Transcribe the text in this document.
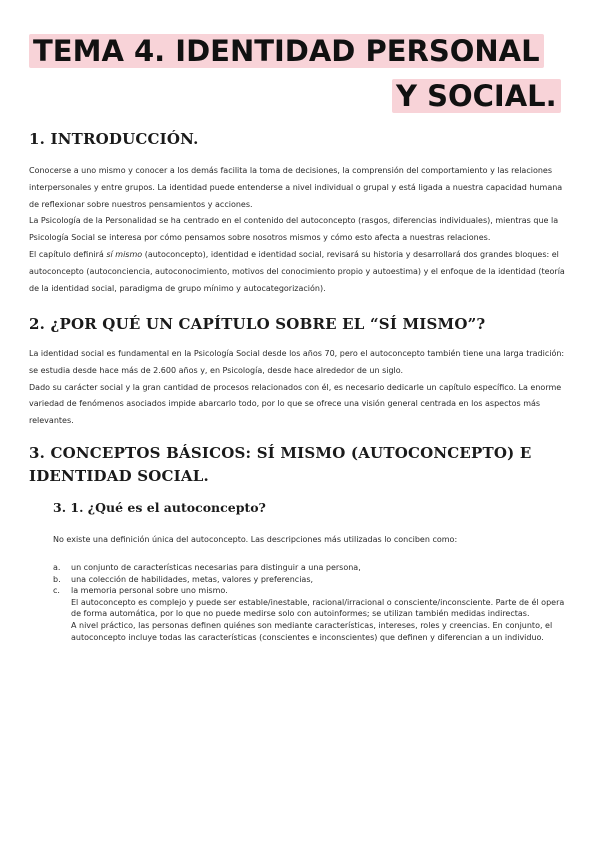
TEMA 4. IDENTIDAD PERSONAL
Y SOCIAL.
1. INTRODUCCIÓN.

Conocerse a uno mismo y conocer a los demás facilita la toma de decisiones, la comprensión del comportamiento y las relaciones interpersonales y entre grupos. La identidad puede entenderse a nivel individual o grupal y está ligada a nuestra capacidad humana de reflexionar sobre nuestros pensamientos y acciones.

La Psicología de la Personalidad se ha centrado en el contenido del autoconcepto (rasgos, diferencias individuales), mientras que la Psicología Social se interesa por cómo pensamos sobre nosotros mismos y cómo esto afecta a nuestras relaciones.

El capítulo definirá sí mismo (autoconcepto), identidad e identidad social, revisará su historia y desarrollará dos grandes bloques: el autoconcepto (autoconciencia, autoconocimiento, motivos del conocimiento propio y autoestima) y el enfoque de la identidad (teoría de la identidad social, paradigma de grupo mínimo y autocategorización).

2. ¿POR QUÉ UN CAPÍTULO SOBRE EL “SÍ MISMO”?

La identidad social es fundamental en la Psicología Social desde los años 70, pero el autoconcepto también tiene una larga tradición: se estudia desde hace más de 2.600 años y, en Psicología, desde hace alrededor de un siglo.

Dado su carácter social y la gran cantidad de procesos relacionados con él, es necesario dedicarle un capítulo específico. La enorme variedad de fenómenos asociados impide abarcarlo todo, por lo que se ofrece una visión general centrada en los aspectos más relevantes.

3. CONCEPTOS BÁSICOS: SÍ MISMO (AUTOCONCEPTO) E IDENTIDAD SOCIAL.
3. 1. ¿Qué es el autoconcepto?

No existe una definición única del autoconcepto. Las descripciones más utilizadas lo conciben como:

a. un conjunto de características necesarias para distinguir a una persona,
b. una colección de habilidades, metas, valores y preferencias,
c. la memoria personal sobre uno mismo.

El autoconcepto es complejo y puede ser estable/inestable, racional/irracional o consciente/inconsciente. Parte de él opera de forma automática, por lo que no puede medirse solo con autoinformes; se utilizan también medidas indirectas.

A nivel práctico, las personas definen quiénes son mediante características, intereses, roles y creencias. En conjunto, el autoconcepto incluye todas las características (conscientes e inconscientes) que definen y diferencian a un individuo.
